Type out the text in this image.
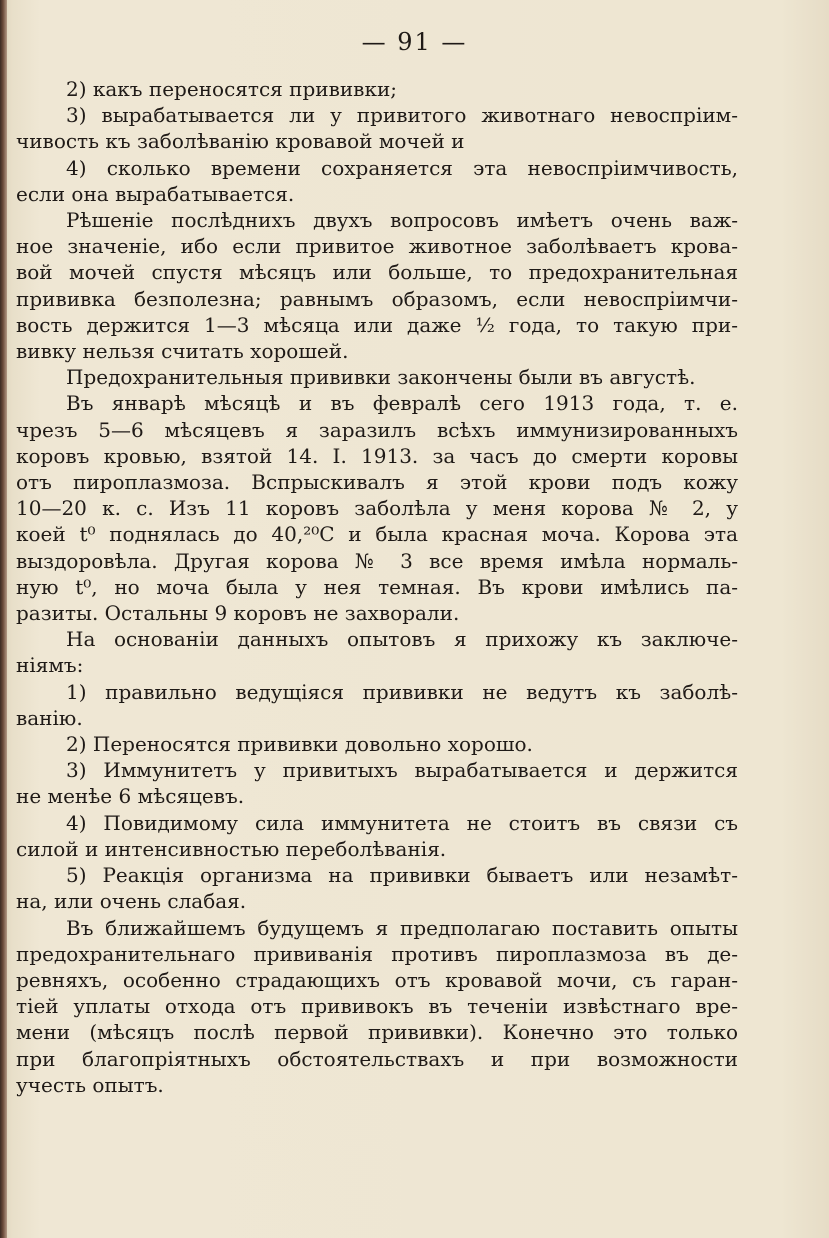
— 91 —
2) какъ переносятся прививки;
3) вырабатывается ли у привитого животнаго невоспріим-
чивость къ заболѣванію кровавой мочей и
4) сколько времени сохраняется эта невоспріимчивость,
если она вырабатывается.
Рѣшеніе послѣднихъ двухъ вопросовъ имѣетъ очень важ-
ное значеніе, ибо если привитое животное заболѣваетъ крова-
вой мочей спустя мѣсяцъ или больше, то предохранительная
прививка безполезна; равнымъ образомъ, если невоспріимчи-
вость держится 1—3 мѣсяца или даже ½ года, то такую при-
вивку нельзя считать хорошей.
Предохранительныя прививки закончены были въ августѣ.
Въ январѣ мѣсяцѣ и въ февралѣ сего 1913 года, т. е.
чрезъ 5—6 мѣсяцевъ я заразилъ всѣхъ иммунизированныхъ
коровъ кровью, взятой 14. I. 1913. за часъ до смерти коровы
отъ пироплазмоза. Вспрыскивалъ я этой крови подъ кожу
10—20 к. с. Изъ 11 коровъ заболѣла у меня корова № 2, у
коей t⁰ поднялась до 40,²⁰С и была красная моча. Корова эта
выздоровѣла. Другая корова № 3 все время имѣла нормаль-
ную t⁰, но моча была у нея темная. Въ крови имѣлись па-
разиты. Остальны 9 коровъ не захворали.
На основаніи данныхъ опытовъ я прихожу къ заключе-
ніямъ:
1) правильно ведущіяся прививки не ведутъ къ заболѣ-
ванію.
2) Переносятся прививки довольно хорошо.
3) Иммунитетъ у привитыхъ вырабатывается и держится
не менѣе 6 мѣсяцевъ.
4) Повидимому сила иммунитета не стоитъ въ связи съ
силой и интенсивностью переболѣванія.
5) Реакція организма на прививки бываетъ или незамѣт-
на, или очень слабая.
Въ ближайшемъ будущемъ я предполагаю поставить опыты
предохранительнаго прививанія противъ пироплазмоза въ де-
ревняхъ, особенно страдающихъ отъ кровавой мочи, съ гаран-
тіей уплаты отхода отъ прививокъ въ теченіи извѣстнаго вре-
мени (мѣсяцъ послѣ первой прививки). Конечно это только
при благопріятныхъ обстоятельствахъ и при возможности
учесть опытъ.
